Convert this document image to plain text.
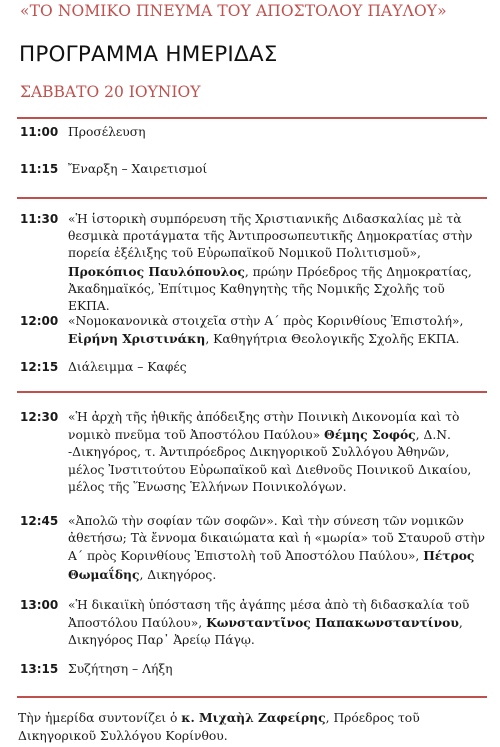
«ΤΟ ΝΟΜΙΚΟ ΠΝΕΥΜΑ ΤΟΥ ΑΠΟΣΤΟΛΟΥ ΠΑΥΛΟΥ»
ΠΡΟΓΡΑΜΜΑ ΗΜΕΡΙΔΑΣ
ΣΑΒΒΑΤΟ 20 ΙΟΥΝΙΟΥ
11:00 Προσέλευση
11:15 Ἔναρξη – Χαιρετισμοί
11:30 «Ἡ ἱστορικὴ συμπόρευση τῆς Χριστιανικῆς Διδασκαλίας μὲ τὰ θεσμικὰ πρoτάγματα τῆς Ἀντιπροσωπευτικῆς Δημοκρατίας στὴν πορεία ἐξέλιξης τοῦ Εὐρωπαϊκοῦ Νομικοῦ Πολιτισμοῦ», Προκόπιος Παυλόπουλος, πρώην Πρόεδρος τῆς Δημοκρατίας, Ἀκαδημαϊκός, Ἐπίτιμος Καθηγητὴς τῆς Νομικῆς Σχολῆς τοῦ ΕΚΠΑ.
12:00 «Νομοκανονικὰ στοιχεῖα στὴν Α΄ πρὸς Κορινθίους Ἐπιστολή», Εἰρήνη Χριστινάκη, Καθηγήτρια Θεολογικῆς Σχολῆς ΕΚΠΑ.
12:15 Διάλειμμα – Καφές
12:30 «Ἡ ἀρχὴ τῆς ἠθικῆς ἀπόδειξης στὴν Ποινικὴ Δικονομία καὶ τὸ νομικὸ πνεῦμα τοῦ Ἀποστόλου Παύλου» Θέμης Σοφός, Δ.Ν. -Δικηγόρος, τ. Ἀντιπρόεδρος Δικηγορικοῦ Συλλόγου Ἀθηνῶν, μέλος Ἰνστιτούτου Εὐρωπαϊκοῦ καὶ Διεθνοῦς Ποινικοῦ Δικαίου, μέλος τῆς Ἕνωσης Ἑλλήνων Ποινικολόγων.
12:45 «Ἀπολῶ τὴν σοφίαν τῶν σοφῶν». Καὶ τὴν σύνεση τῶν νομικῶν ἀθετήσω; Τὰ ἔννομα δικαιώματα καὶ ἡ «μωρία» τοῦ Σταυροῦ στὴν Α΄ πρὸς Κορινθίους Ἐπιστολὴ τοῦ Ἀποστόλου Παύλου», Πέτρος Θωμαΐδης, Δικηγόρος.
13:00 «Ἡ δικαιϊκὴ ὑπόσταση τῆς ἀγάπης μέσα ἀπὸ τὴ διδασκαλία τοῦ Ἀποστόλου Παύλου», Κωνσταντῖνος Παπακωνσταντίνου, Δικηγόρος Παρ᾽ Ἀρείῳ Πάγῳ.
13:15 Συζήτηση – Λήξη
Τὴν ἡμερίδα συντονίζει ὁ κ. Μιχαὴλ Ζαφείρης, Πρόεδρος τοῦ Δικηγορικοῦ Συλλόγου Κορίνθου.
